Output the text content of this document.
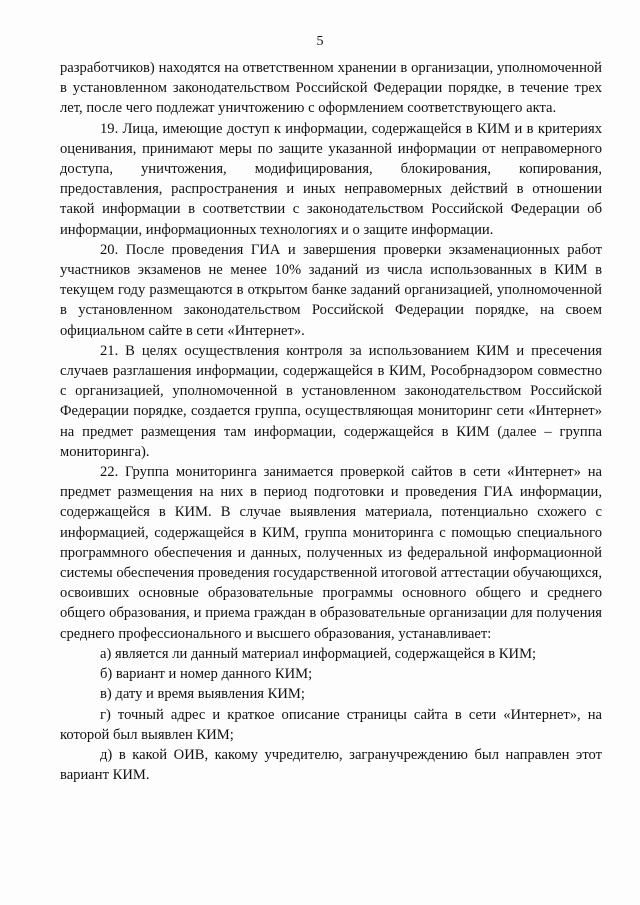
5

разработчиков) находятся на ответственном хранении в организации, уполномоченной в установленном законодательством Российской Федерации порядке, в течение трех лет, после чего подлежат уничтожению с оформлением соответствующего акта.

19. Лица, имеющие доступ к информации, содержащейся в КИМ и в критериях оценивания, принимают меры по защите указанной информации от неправомерного доступа, уничтожения, модифицирования, блокирования, копирования, предоставления, распространения и иных неправомерных действий в отношении такой информации в соответствии с законодательством Российской Федерации об информации, информационных технологиях и о защите информации.

20. После проведения ГИА и завершения проверки экзаменационных работ участников экзаменов не менее 10% заданий из числа использованных в КИМ в текущем году размещаются в открытом банке заданий организацией, уполномоченной в установленном законодательством Российской Федерации порядке, на своем официальном сайте в сети «Интернет».

21. В целях осуществления контроля за использованием КИМ и пресечения случаев разглашения информации, содержащейся в КИМ, Рособрнадзором совместно с организацией, уполномоченной в установленном законодательством Российской Федерации порядке, создается группа, осуществляющая мониторинг сети «Интернет» на предмет размещения там информации, содержащейся в КИМ (далее – группа мониторинга).

22. Группа мониторинга занимается проверкой сайтов в сети «Интернет» на предмет размещения на них в период подготовки и проведения ГИА информации, содержащейся в КИМ. В случае выявления материала, потенциально схожего с информацией, содержащейся в КИМ, группа мониторинга с помощью специального программного обеспечения и данных, полученных из федеральной информационной системы обеспечения проведения государственной итоговой аттестации обучающихся, освоивших основные образовательные программы основного общего и среднего общего образования, и приема граждан в образовательные организации для получения среднего профессионального и высшего образования, устанавливает:

а) является ли данный материал информацией, содержащейся в КИМ;

б) вариант и номер данного КИМ;

в) дату и время выявления КИМ;

г) точный адрес и краткое описание страницы сайта в сети «Интернет», на которой был выявлен КИМ;

д) в какой ОИВ, какому учредителю, загранучреждению был направлен этот вариант КИМ.
